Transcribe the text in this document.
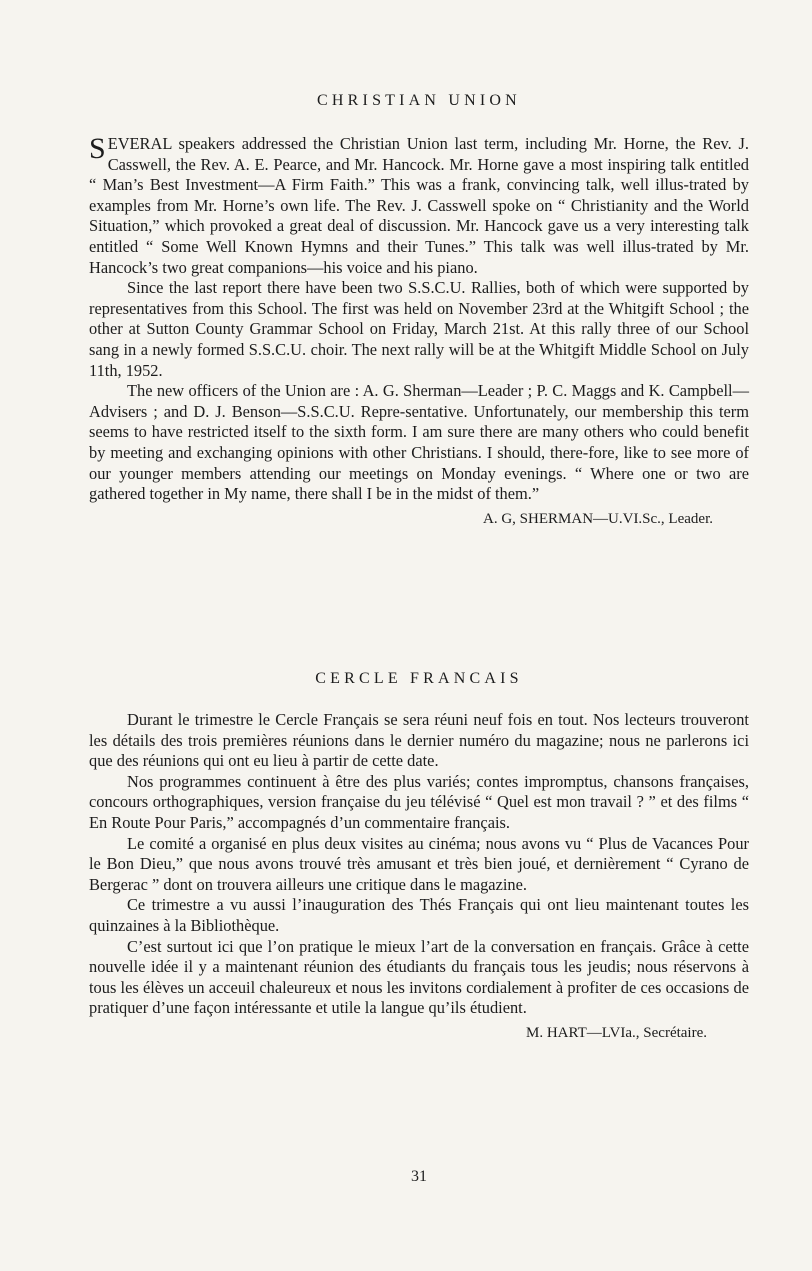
CHRISTIAN UNION

SEVERAL speakers addressed the Christian Union last term, including Mr. Horne, the Rev. J. Casswell, the Rev. A. E. Pearce, and Mr. Hancock. Mr. Horne gave a most inspiring talk entitled “ Man’s Best Investment—A Firm Faith.” This was a frank, convincing talk, well illus-trated by examples from Mr. Horne’s own life. The Rev. J. Casswell spoke on “ Christianity and the World Situation,” which provoked a great deal of discussion. Mr. Hancock gave us a very interesting talk entitled “ Some Well Known Hymns and their Tunes.” This talk was well illus-trated by Mr. Hancock’s two great companions—his voice and his piano.

Since the last report there have been two S.S.C.U. Rallies, both of which were supported by representatives from this School. The first was held on November 23rd at the Whitgift School ; the other at Sutton County Grammar School on Friday, March 21st. At this rally three of our School sang in a newly formed S.S.C.U. choir. The next rally will be at the Whitgift Middle School on July 11th, 1952.

The new officers of the Union are : A. G. Sherman—Leader ; P. C. Maggs and K. Campbell—Advisers ; and D. J. Benson—S.S.C.U. Repre-sentative. Unfortunately, our membership this term seems to have restricted itself to the sixth form. I am sure there are many others who could benefit by meeting and exchanging opinions with other Christians. I should, there-fore, like to see more of our younger members attending our meetings on Monday evenings. “ Where one or two are gathered together in My name, there shall I be in the midst of them.”

A. G, SHERMAN—U.VI.Sc., Leader.

CERCLE FRANCAIS

Durant le trimestre le Cercle Français se sera réuni neuf fois en tout. Nos lecteurs trouveront les détails des trois premières réunions dans le dernier numéro du magazine; nous ne parlerons ici que des réunions qui ont eu lieu à partir de cette date.

Nos programmes continuent à être des plus variés; contes impromptus, chansons françaises, concours orthographiques, version française du jeu télévisé “ Quel est mon travail ? ” et des films “ En Route Pour Paris,” accompagnés d’un commentaire français.

Le comité a organisé en plus deux visites au cinéma; nous avons vu “ Plus de Vacances Pour le Bon Dieu,” que nous avons trouvé très amusant et très bien joué, et dernièrement “ Cyrano de Bergerac ” dont on trouvera ailleurs une critique dans le magazine.

Ce trimestre a vu aussi l’inauguration des Thés Français qui ont lieu maintenant toutes les quinzaines à la Bibliothèque.

C’est surtout ici que l’on pratique le mieux l’art de la conversation en français. Grâce à cette nouvelle idée il y a maintenant réunion des étudiants du français tous les jeudis; nous réservons à tous les élèves un acceuil chaleureux et nous les invitons cordialement à profiter de ces occasions de pratiquer d’une façon intéressante et utile la langue qu’ils étudient.

M. HART—LVIa., Secrétaire.

31
